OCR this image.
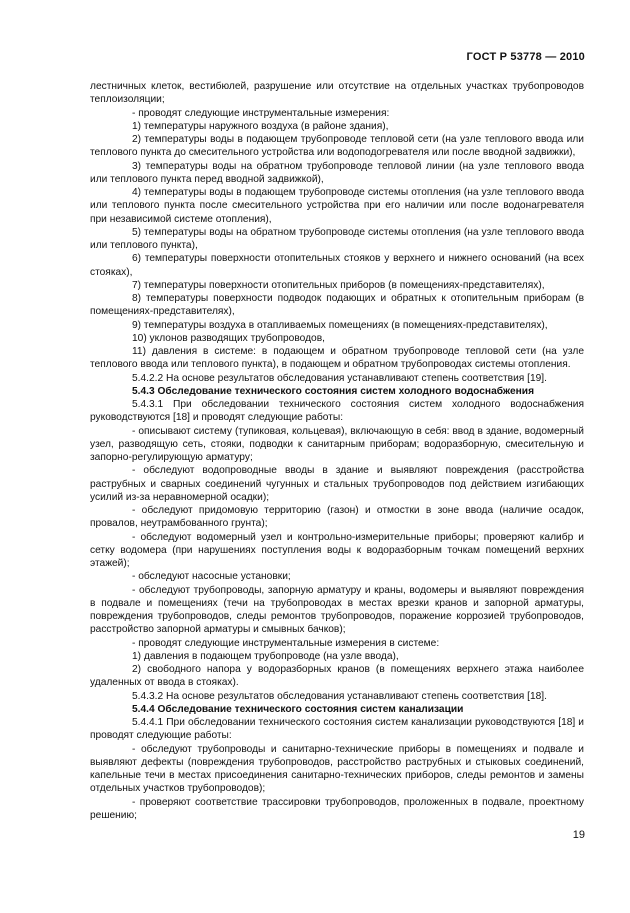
ГОСТ Р 53778 — 2010

лестничных клеток, вестибюлей, разрушение или отсутствие на отдельных участках трубопроводов теплоизоляции;

- проводят следующие инструментальные измерения:

1) температуры наружного воздуха (в районе здания),

2) температуры воды в подающем трубопроводе тепловой сети (на узле теплового ввода или теплового пункта до смесительного устройства или водоподогревателя или после вводной задвижки),

3) температуры воды на обратном трубопроводе тепловой линии (на узле теплового ввода или теплового пункта перед вводной задвижкой),

4) температуры воды в подающем трубопроводе системы отопления (на узле теплового ввода или теплового пункта после смесительного устройства при его наличии или после водонагревателя при независимой системе отопления),

5) температуры воды на обратном трубопроводе системы отопления (на узле теплового ввода или теплового пункта),

6) температуры поверхности отопительных стояков у верхнего и нижнего оснований (на всех стояках),

7) температуры поверхности отопительных приборов (в помещениях-представителях),

8) температуры поверхности подводок подающих и обратных к отопительным приборам (в помещениях-представителях),

9) температуры воздуха в отапливаемых помещениях (в помещениях-представителях),

10) уклонов разводящих трубопроводов,

11) давления в системе: в подающем и обратном трубопроводе тепловой сети (на узле теплового ввода или теплового пункта), в подающем и обратном трубопроводах системы отопления.

5.4.2.2 На основе результатов обследования устанавливают степень соответствия [19].

5.4.3 Обследование технического состояния систем холодного водоснабжения

5.4.3.1 При обследовании технического состояния систем холодного водоснабжения руководствуются [18] и проводят следующие работы:

- описывают систему (тупиковая, кольцевая), включающую в себя: ввод в здание, водомерный узел, разводящую сеть, стояки, подводки к санитарным приборам; водоразборную, смесительную и запорно-регулирующую арматуру;

- обследуют водопроводные вводы в здание и выявляют повреждения (расстройства раструбных и сварных соединений чугунных и стальных трубопроводов под действием изгибающих усилий из-за неравномерной осадки);

- обследуют придомовую территорию (газон) и отмостки в зоне ввода (наличие осадок, провалов, неутрамбованного грунта);

- обследуют водомерный узел и контрольно-измерительные приборы; проверяют калибр и сетку водомера (при нарушениях поступления воды к водоразборным точкам помещений верхних этажей);

- обследуют насосные установки;

- обследуют трубопроводы, запорную арматуру и краны, водомеры и выявляют повреждения в подвале и помещениях (течи на трубопроводах в местах врезки кранов и запорной арматуры, повреждения трубопроводов, следы ремонтов трубопроводов, поражение коррозией трубопроводов, расстройство запорной арматуры и смывных бачков);

- проводят следующие инструментальные измерения в системе:

1) давления в подающем трубопроводе (на узле ввода),

2) свободного напора у водоразборных кранов (в помещениях верхнего этажа наиболее удаленных от ввода в стояках).

5.4.3.2 На основе результатов обследования устанавливают степень соответствия [18].

5.4.4 Обследование технического состояния систем канализации

5.4.4.1 При обследовании технического состояния систем канализации руководствуются [18] и проводят следующие работы:

- обследуют трубопроводы и санитарно-технические приборы в помещениях и подвале и выявляют дефекты (повреждения трубопроводов, расстройство раструбных и стыковых соединений, капельные течи в местах присоединения санитарно-технических приборов, следы ремонтов и замены отдельных участков трубопроводов);

- проверяют соответствие трассировки трубопроводов, проложенных в подвале, проектному решению;

19
